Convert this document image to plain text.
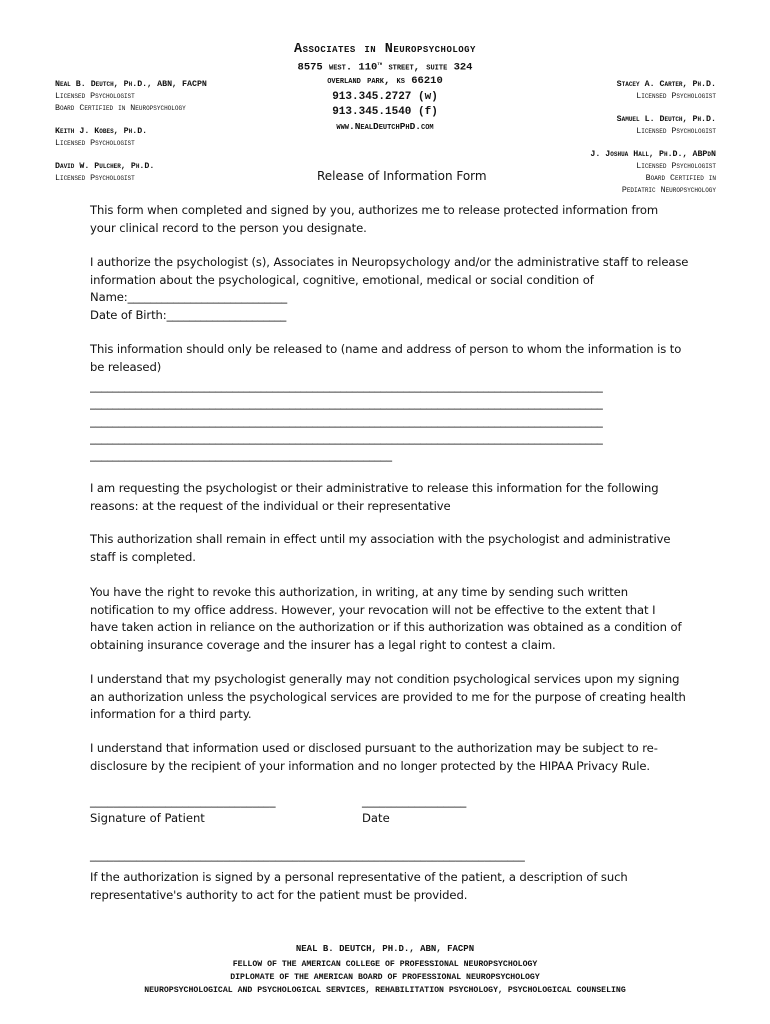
Associates in Neuropsychology
8575 west. 110th street, suite 324
overland park, ks 66210
913.345.2727 (w)
913.345.1540 (f)
www.NealDeutchPhD.com
Neal B. Deutch, Ph.D., ABN, FACPN
Licensed Psychologist
Board Certified in Neuropsychology
Keith J. Kobes, Ph.D.
Licensed Psychologist
David W. Pulcher, Ph.D.
Licensed Psychologist
Stacey A. Carter, Ph.D.
Licensed Psychologist
Samuel L. Deutch, Ph.D.
Licensed Psychologist
J. Joshua Hall, Ph.D., ABPdN
Licensed Psychologist
Board Certified in
Pediatric Neuropsychology
Release of Information Form
This form when completed and signed by you, authorizes me to release protected information from
your clinical record to the person you designate.
I authorize the psychologist (s), Associates in Neuropsychology and/or the administrative staff to release
information about the psychological, cognitive, emotional, medical or social condition of
Name:____________________________
Date of Birth:_____________________
This information should only be released to (name and address of person to whom the information is to
be released)
__________________________________________________________________________________________
__________________________________________________________________________________________
__________________________________________________________________________________________
__________________________________________________________________________________________
_____________________________________________________
I am requesting the psychologist or their administrative to release this information for the following
reasons: at the request of the individual or their representative
This authorization shall remain in effect until my association with the psychologist and administrative
staff is completed.
You have the right to revoke this authorization, in writing, at any time by sending such written
notification to my office address. However, your revocation will not be effective to the extent that I
have taken action in reliance on the authorization or if this authorization was obtained as a condition of
obtaining insurance coverage and the insurer has a legal right to contest a claim.
I understand that my psychologist generally may not condition psychological services upon my signing
an authorization unless the psychological services are provided to me for the purpose of creating health
information for a third party.
I understand that information used or disclosed pursuant to the authorization may be subject to re-
disclosure by the recipient of your information and no longer protected by the HIPAA Privacy Rule.
________________________________	__________________
Signature of Patient	Date
___________________________________________________________________________
If the authorization is signed by a personal representative of the patient, a description of such
representative's authority to act for the patient must be provided.
NEAL B. DEUTCH, PH.D., ABN, FACPN
FELLOW OF THE AMERICAN COLLEGE OF PROFESSIONAL NEUROPSYCHOLOGY
DIPLOMATE OF THE AMERICAN BOARD OF PROFESSIONAL NEUROPSYCHOLOGY
NEUROPSYCHOLOGICAL AND PSYCHOLOGICAL SERVICES, REHABILITATION PSYCHOLOGY, PSYCHOLOGICAL COUNSELING
